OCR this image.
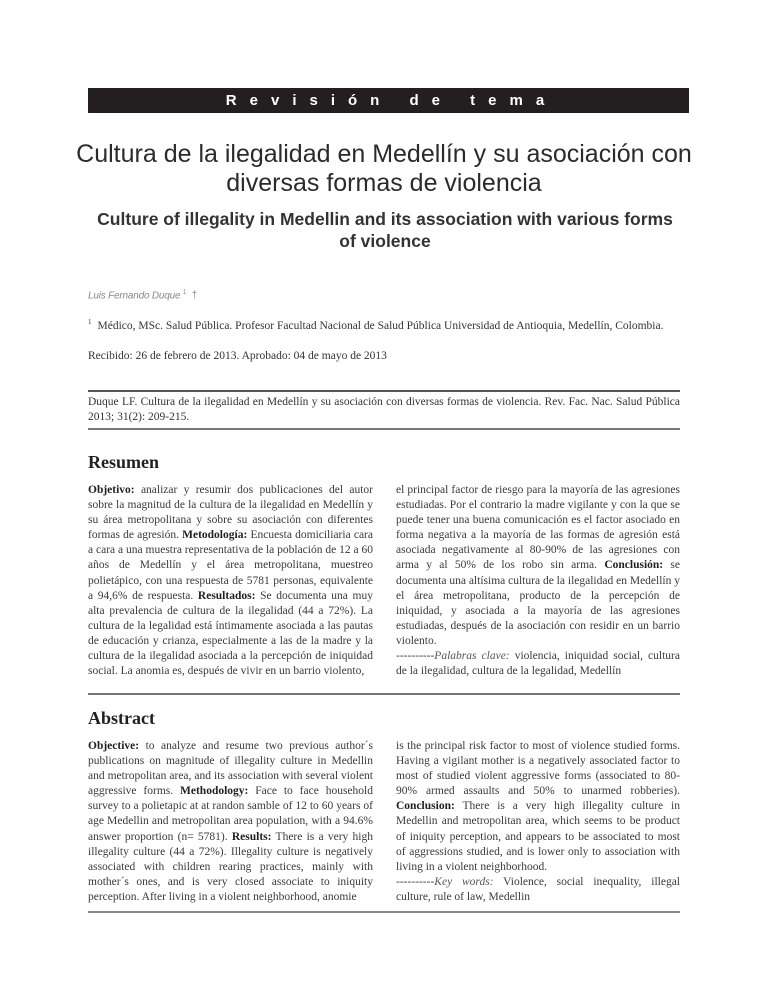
Revisión de tema
Cultura de la ilegalidad en Medellín y su asociación con diversas formas de violencia
Culture of illegality in Medellin and its association with various forms of violence
Luis Fernando Duque $^1$ †
$^1$ Médico, MSc. Salud Pública. Profesor Facultad Nacional de Salud Pública Universidad de Antioquia, Medellín, Colombia.
Recibido: 26 de febrero de 2013. Aprobado: 04 de mayo de 2013
Duque LF. Cultura de la ilegalidad en Medellín y su asociación con diversas formas de violencia. Rev. Fac. Nac. Salud Pública 2013; 31(2): 209-215.
Resumen
Objetivo: analizar y resumir dos publicaciones del autor sobre la magnitud de la cultura de la ilegalidad en Medellín y su área metropolitana y sobre su asociación con diferentes formas de agresión. Metodología: Encuesta domiciliaria cara a cara a una muestra representativa de la población de 12 a 60 años de Medellín y el área metropolitana, muestreo polietápico, con una respuesta de 5781 personas, equivalente a 94,6% de respuesta. Resultados: Se documenta una muy alta prevalencia de cultura de la ilegalidad (44 a 72%). La cultura de la legalidad está íntimamente asociada a las pautas de educación y crianza, especialmente a las de la madre y la cultura de la ilegalidad asociada a la percepción de iniquidad social. La anomia es, después de vivir en un barrio violento,
el principal factor de riesgo para la mayoría de las agresiones estudiadas. Por el contrario la madre vigilante y con la que se puede tener una buena comunicación es el factor asociado en forma negativa a la mayoría de las formas de agresión está asociada negativamente al 80-90% de las agresiones con arma y al 50% de los robo sin arma. Conclusión: se documenta una altísima cultura de la ilegalidad en Medellín y el área metropolitana, producto de la percepción de iniquidad, y asociada a la mayoría de las agresiones estudiadas, después de la asociación con residir en un barrio violento.
----------Palabras clave: violencia, iniquidad social, cultura de la ilegalidad, cultura de la legalidad, Medellín
Abstract
Objective: to analyze and resume two previous author´s publications on magnitude of illegality culture in Medellin and metropolitan area, and its association with several violent aggressive forms. Methodology: Face to face household survey to a polietapic at at randon samble of 12 to 60 years of age Medellin and metropolitan area population, with a 94.6% answer proportion (n= 5781). Results: There is a very high illegality culture (44 a 72%). Illegality culture is negatively associated with children rearing practices, mainly with mother´s ones, and is very closed associate to iniquity perception. After living in a violent neighborhood, anomie
is the principal risk factor to most of violence studied forms. Having a vigilant mother is a negatively associated factor to most of studied violent aggressive forms (associated to 80-90% armed assaults and 50% to unarmed robberies). Conclusion: There is a very high illegality culture in Medellin and metropolitan area, which seems to be product of iniquity perception, and appears to be associated to most of aggressions studied, and is lower only to association with living in a violent neighborhood.
----------Key words: Violence, social inequality, illegal culture, rule of law, Medellin
